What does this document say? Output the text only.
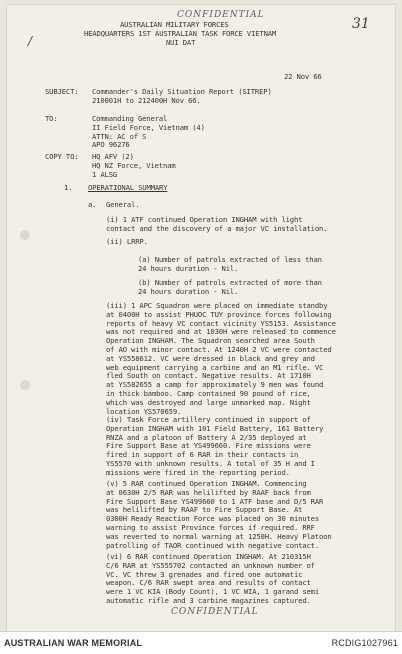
/
CONFIDENTIAL
31
AUSTRALIAN MILITARY FORCES
HEADQUARTERS 1ST AUSTRALIAN TASK FORCE VIETNAM
NUI DAT
22 Nov 66
SUBJECT: Commander's Daily Situation Report (SITREP)
210001H to 212400H Nov 66.
TO:	Commanding General
II Field Force, Vietnam (4)
ATTN: AC of S
APO 96276
COPY TO: HQ AFV (2)
HQ NZ Force, Vietnam
1 ALSG
1. OPERATIONAL SUMMARY
a. General.
(i) 1 ATF continued Operation INGHAM with light
contact and the discovery of a major VC installation.
(ii) LRRP.
(a) Number of patrols extracted of less than
24 hours duration - Nil.
(b) Number of patrols extracted of more than
24 hours duration - Nil.
(iii) 1 APC Squadron were placed on immediate standby
at 0400H to assist PHUOC TUY province forces following
reports of heavy VC contact vicinity YS5153. Assistance
was not required and at 1030H were released to commence
Operation INGHAM. The Squadron searched area South
of AO with minor contact. At 1240H 2 VC were contacted
at YS558612. VC were dressed in black and grey and
web equipment carrying a carbine and an M1 rifle. VC
fled South on contact. Negative results. At 1710H
at YS582655 a camp for approximately 9 men was found
in thick bamboo. Camp contained 90 pound of rice,
which was destroyed and large unmarked map. Night
location YS570659.
(iv) Task Force artillery continued in support of
Operation INGHAM with 101 Field Battery, 161 Battery
RNZA and a platoon of Battery A 2/35 deployed at
Fire Support Base at YS499660. Fire missions were
fired in support of 6 RAR in their contacts in
YS5570 with unknown results. A total of 35 H and I
missions were fired in the reporting period.
(v) 5 RAR continued Operation INGHAM. Commencing
at 0630H 2/5 RAR was helilifted by RAAF back from
Fire Support Base YS499660 to 1 ATF base and D/5 RAR
was helilifted by RAAF to Fire Support Base. At
0300H Ready Reaction Force was placed on 30 minutes
warning to assist Province forces if required. RRF
was reverted to normal warning at 1250H. Heavy Platoon
patrolling of TAOR continued with negative contact.
(vi) 6 RAR continued Operation INGHAM. At 210315H
C/6 RAR at YS555702 contacted an unknown number of
VC. VC threw 3 grenades and fired one automatic
weapon. C/6 RAR swept area and results of contact
were 1 VC KIA (Body Count), 1 VC WIA, 1 garand semi
automatic rifle and 3 carbine magazines captured.
CONFIDENTIAL
AUSTRALIAN WAR MEMORIAL	RCDIG1027961
